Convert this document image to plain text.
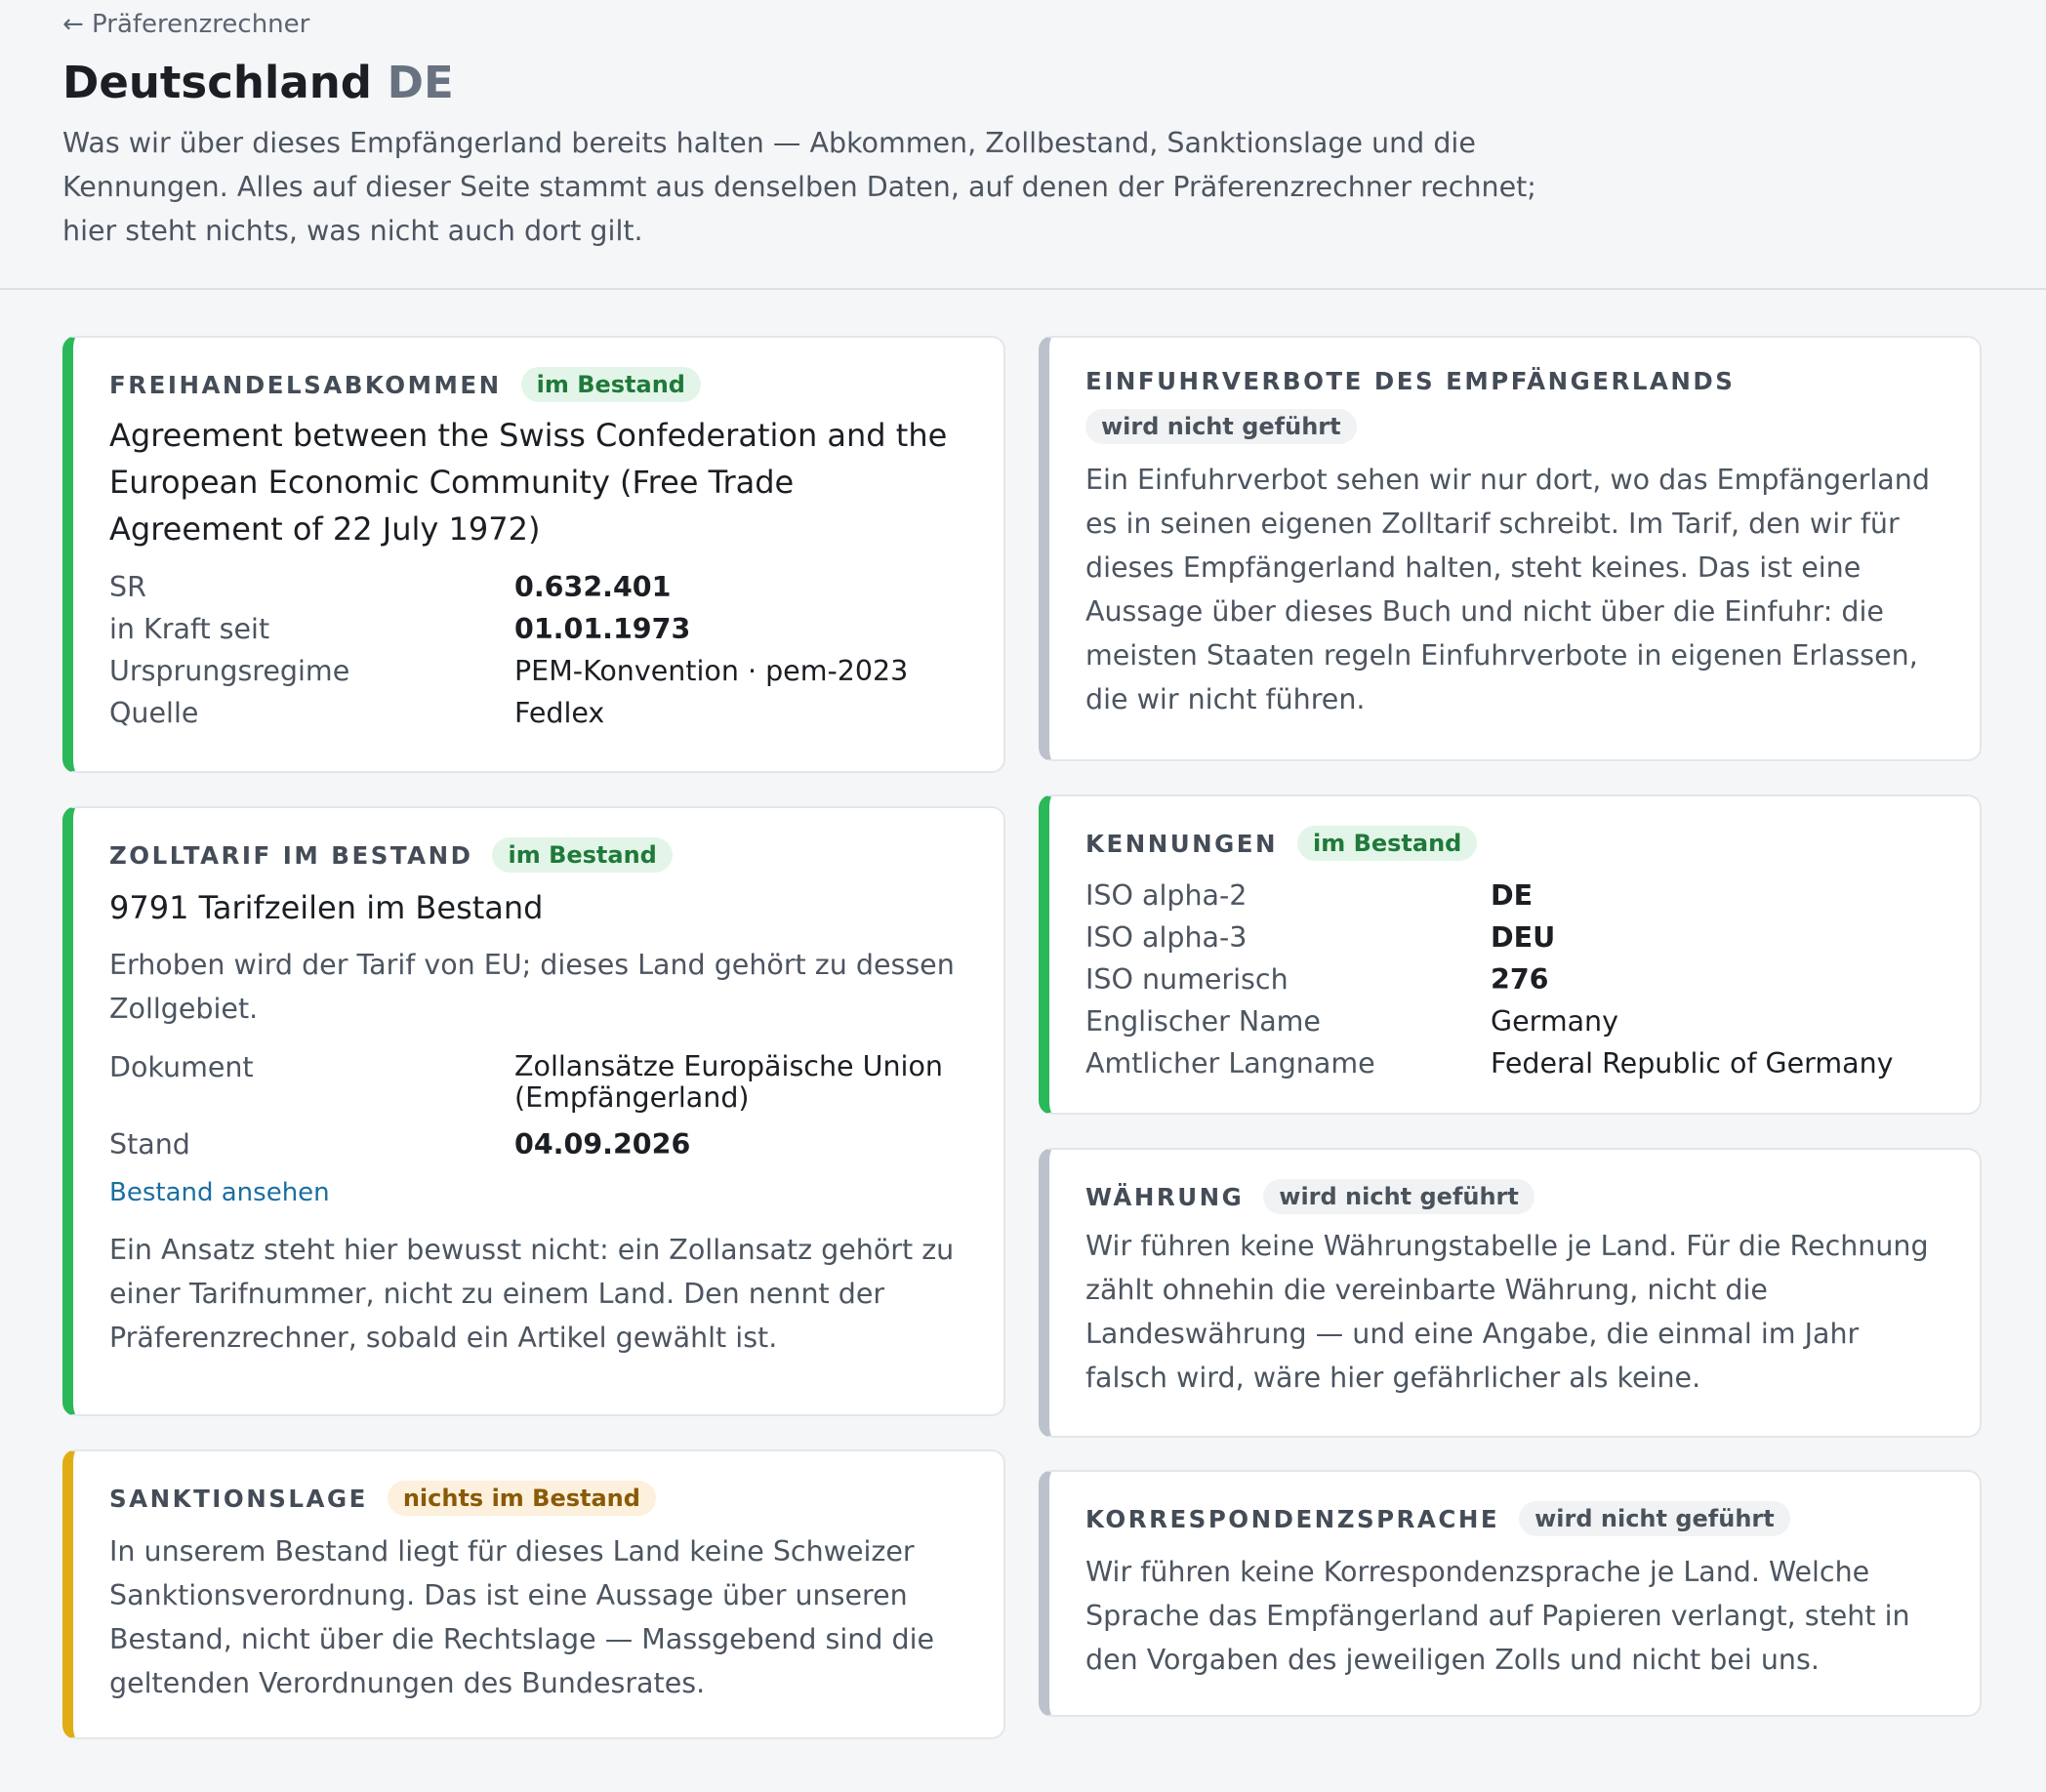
← Präferenzrechner
Deutschland DE

Was wir über dieses Empfängerland bereits halten — Abkommen, Zollbestand, Sanktionslage und die Kennungen. Alles auf dieser Seite stammt aus denselben Daten, auf denen der Präferenzrechner rechnet; hier steht nichts, was nicht auch dort gilt.

FREIHANDELSABKOMMEN	im Bestand
Agreement between the Swiss Confederation and the European Economic Community (Free Trade Agreement of 22 July 1972)
SR	0.632.401
in Kraft seit	01.01.1973
Ursprungsregime	PEM-Konvention · pem-2023
Quelle	Fedlex
ZOLLTARIF IM BESTAND	im Bestand
9791 Tarifzeilen im Bestand

Erhoben wird der Tarif von EU; dieses Land gehört zu dessen Zollgebiet.

Dokument	Zollansätze Europäische Union (Empfängerland)
Stand	04.09.2026
Bestand ansehen

Ein Ansatz steht hier bewusst nicht: ein Zollansatz gehört zu einer Tarifnummer, nicht zu einem Land. Den nennt der Präferenzrechner, sobald ein Artikel gewählt ist.

SANKTIONSLAGE	nichts im Bestand

In unserem Bestand liegt für dieses Land keine Schweizer Sanktionsverordnung. Das ist eine Aussage über unseren Bestand, nicht über die Rechtslage — Massgebend sind die geltenden Verordnungen des Bundesrates.

EINFUHRVERBOTE DES EMPFÄNGERLANDS
wird nicht geführt

Ein Einfuhrverbot sehen wir nur dort, wo das Empfängerland es in seinen eigenen Zolltarif schreibt. Im Tarif, den wir für dieses Empfängerland halten, steht keines. Das ist eine Aussage über dieses Buch und nicht über die Einfuhr: die meisten Staaten regeln Einfuhrverbote in eigenen Erlassen, die wir nicht führen.

KENNUNGEN	im Bestand
ISO alpha-2	DE
ISO alpha-3	DEU
ISO numerisch	276
Englischer Name	Germany
Amtlicher Langname	Federal Republic of Germany
WÄHRUNG	wird nicht geführt

Wir führen keine Währungstabelle je Land. Für die Rechnung zählt ohnehin die vereinbarte Währung, nicht die Landeswährung — und eine Angabe, die einmal im Jahr falsch wird, wäre hier gefährlicher als keine.

KORRESPONDENZSPRACHE	wird nicht geführt

Wir führen keine Korrespondenzsprache je Land. Welche Sprache das Empfängerland auf Papieren verlangt, steht in den Vorgaben des jeweiligen Zolls und nicht bei uns.
